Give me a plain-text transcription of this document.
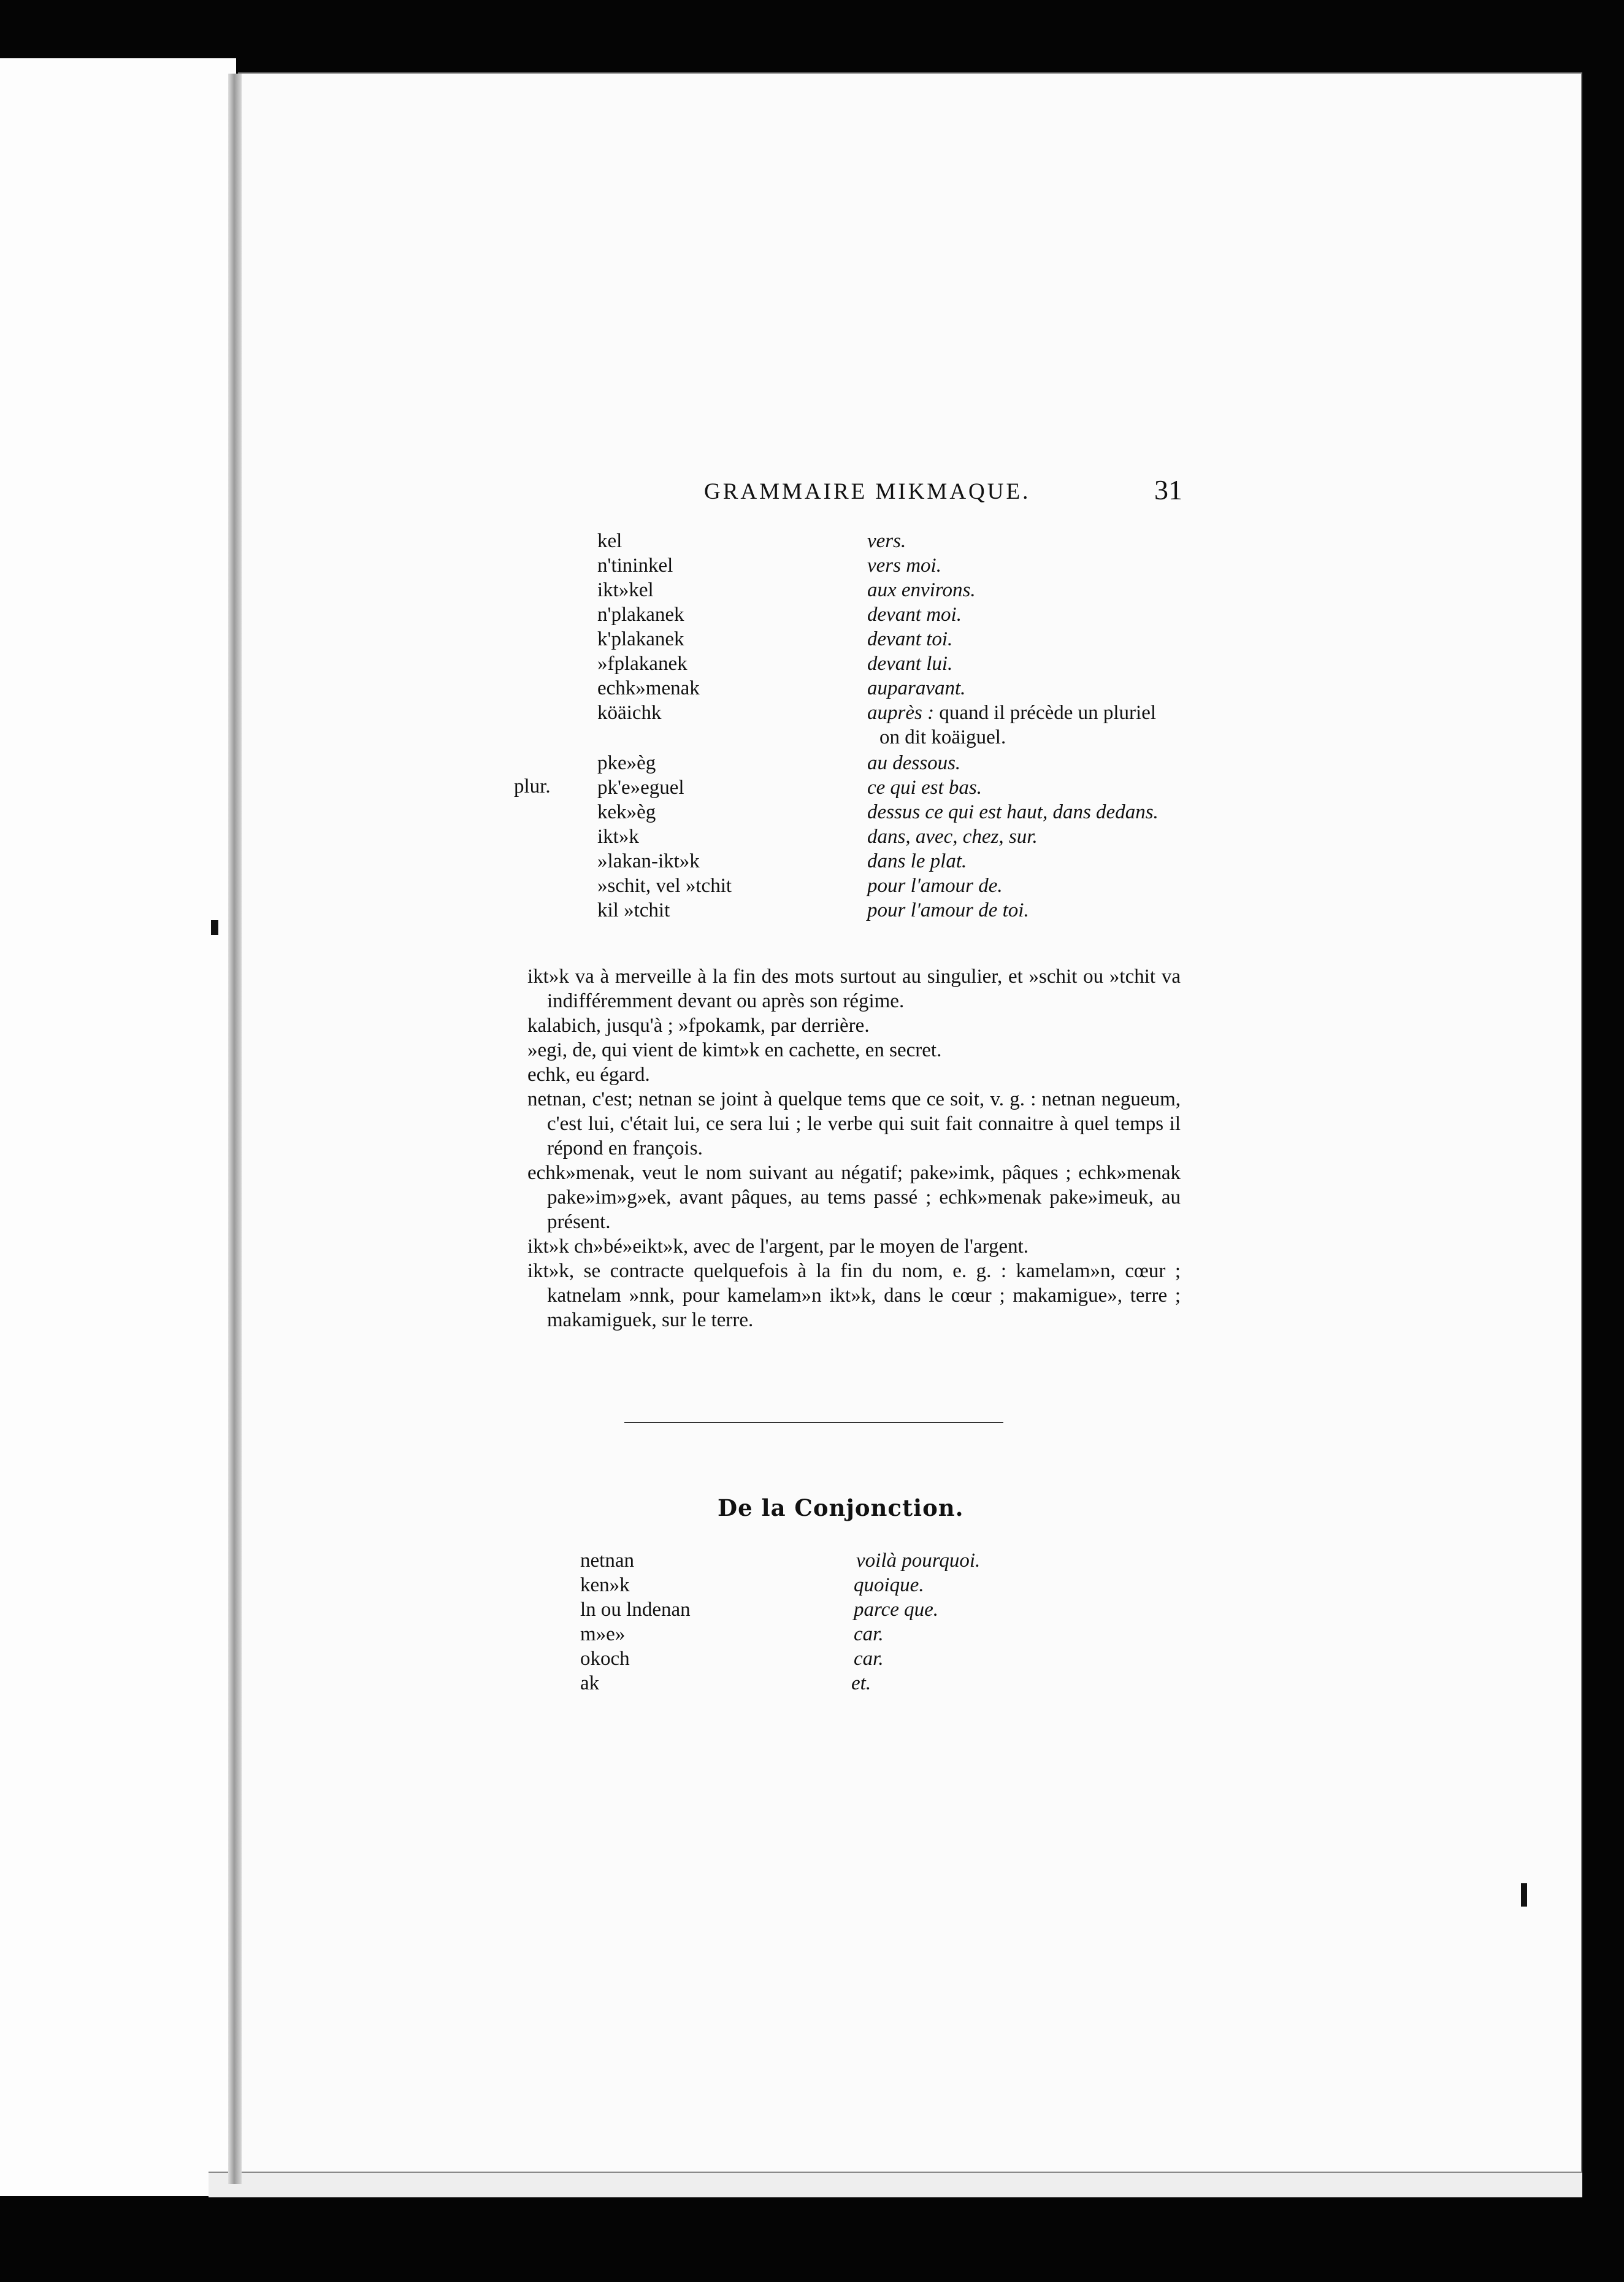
GRAMMAIRE MIKMAQUE.	31
kel	vers.
n'tininkel	vers moi.
ikt»kel	aux environs.
n'plakanek	devant moi.
k'plakanek	devant toi.
»fplakanek	devant lui.
echk»menak	auparavant.
köäichk	auprès : quand il précède un pluriel
on dit koäiguel.
pke»èg	au dessous.
plur. pk'e»eguel	ce qui est bas.
kek»èg	dessus ce qui est haut, dans dedans.
ikt»k	dans, avec, chez, sur.
»lakan-ikt»k	dans le plat.
»schit, vel »tchit	pour l'amour de.
kil »tchit	pour l'amour de toi.

ikt»k va à merveille à la fin des mots surtout au singulier, et »schit ou »tchit va indifféremment devant ou après son régime.

kalabich, jusqu'à ; »fpokamk, par derrière.

»egi, de, qui vient de kimt»k en cachette, en secret.

echk, eu égard.

netnan, c'est; netnan se joint à quelque tems que ce soit, v. g. : netnan negueum, c'est lui, c'était lui, ce sera lui ; le verbe qui suit fait connaitre à quel temps il répond en françois.

echk»menak, veut le nom suivant au négatif; pake»imk, pâques ; echk»menak pake»im»g»ek, avant pâques, au tems passé ; echk»menak pake»imeuk, au présent.

ikt»k ch»bé»eikt»k, avec de l'argent, par le moyen de l'argent.

ikt»k, se contracte quelquefois à la fin du nom, e. g. : kamelam»n, cœur ; katnelam »nnk, pour kamelam»n ikt»k, dans le cœur ; makamigue», terre ; makamiguek, sur le terre.

De la Conjonction.
netnan	voilà pourquoi.
ken»k	quoique.
ln ou lndenan	parce que.
m»e»	car.
okoch	car.
ak	et.
